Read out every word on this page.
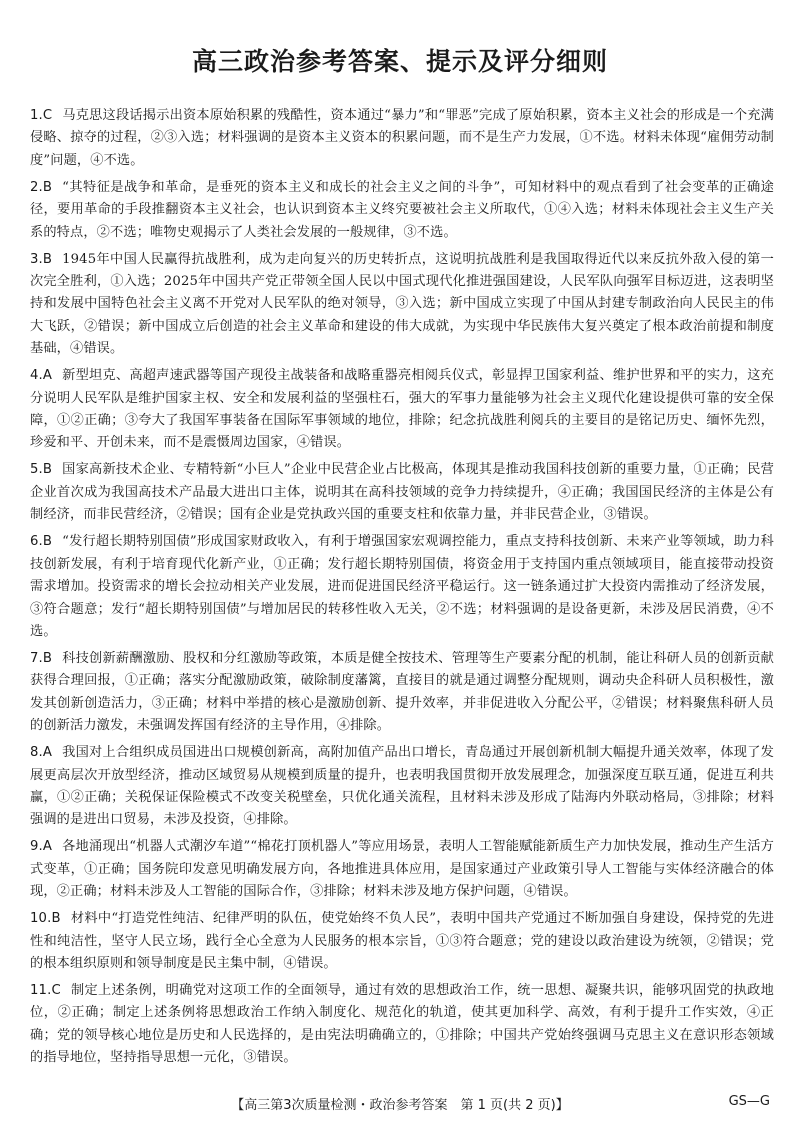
高三政治参考答案、提示及评分细则
1.C 马克思这段话揭示出资本原始积累的残酷性，资本通过“暴力”和“罪恶”完成了原始积累，资本主义社会的形成是一个充满侵略、掠夺的过程，②③入选；材料强调的是资本主义资本的积累问题，而不是生产力发展，①不选。材料未体现“雇佣劳动制度”问题，④不选。
2.B “其特征是战争和革命，是垂死的资本主义和成长的社会主义之间的斗争”，可知材料中的观点看到了社会变革的正确途径，要用革命的手段推翻资本主义社会，也认识到资本主义终究要被社会主义所取代，①④入选；材料未体现社会主义生产关系的特点，②不选；唯物史观揭示了人类社会发展的一般规律，③不选。
3.B 1945年中国人民赢得抗战胜利，成为走向复兴的历史转折点，这说明抗战胜利是我国取得近代以来反抗外敌入侵的第一次完全胜利，①入选；2025年中国共产党正带领全国人民以中国式现代化推进强国建设，人民军队向强军目标迈进，这表明坚持和发展中国特色社会主义离不开党对人民军队的绝对领导，③入选；新中国成立实现了中国从封建专制政治向人民民主的伟大飞跃，②错误；新中国成立后创造的社会主义革命和建设的伟大成就，为实现中华民族伟大复兴奠定了根本政治前提和制度基础，④错误。
4.A 新型坦克、高超声速武器等国产现役主战装备和战略重器亮相阅兵仪式，彰显捍卫国家利益、维护世界和平的实力，这充分说明人民军队是维护国家主权、安全和发展利益的坚强柱石，强大的军事力量能够为社会主义现代化建设提供可靠的安全保障，①②正确；③夸大了我国军事装备在国际军事领域的地位，排除；纪念抗战胜利阅兵的主要目的是铭记历史、缅怀先烈，珍爱和平、开创未来，而不是震慑周边国家，④错误。
5.B 国家高新技术企业、专精特新“小巨人”企业中民营企业占比极高，体现其是推动我国科技创新的重要力量，①正确；民营企业首次成为我国高技术产品最大进出口主体，说明其在高科技领域的竞争力持续提升，④正确；我国国民经济的主体是公有制经济，而非民营经济，②错误；国有企业是党执政兴国的重要支柱和依靠力量，并非民营企业，③错误。
6.B “发行超长期特别国债”形成国家财政收入，有利于增强国家宏观调控能力，重点支持科技创新、未来产业等领域，助力科技创新发展，有利于培育现代化新产业，①正确；发行超长期特别国债，将资金用于支持国内重点领域项目，能直接带动投资需求增加。投资需求的增长会拉动相关产业发展，进而促进国民经济平稳运行。这一链条通过扩大投资内需推动了经济发展，③符合题意；发行“超长期特别国债”与增加居民的转移性收入无关，②不选；材料强调的是设备更新，未涉及居民消费，④不选。
7.B 科技创新薪酬激励、股权和分红激励等政策，本质是健全按技术、管理等生产要素分配的机制，能让科研人员的创新贡献获得合理回报，①正确；落实分配激励政策，破除制度藩篱，直接目的就是通过调整分配规则，调动央企科研人员积极性，激发其创新创造活力，③正确；材料中举措的核心是激励创新、提升效率，并非促进收入分配公平，②错误；材料聚焦科研人员的创新活力激发，未强调发挥国有经济的主导作用，④排除。
8.A 我国对上合组织成员国进出口规模创新高，高附加值产品出口增长，青岛通过开展创新机制大幅提升通关效率，体现了发展更高层次开放型经济，推动区域贸易从规模到质量的提升，也表明我国贯彻开放发展理念，加强深度互联互通，促进互利共赢，①②正确；关税保证保险模式不改变关税壁垒，只优化通关流程，且材料未涉及形成了陆海内外联动格局，③排除；材料强调的是进出口贸易，未涉及投资，④排除。
9.A 各地涌现出“机器人式潮汐车道”“棉花打顶机器人”等应用场景，表明人工智能赋能新质生产力加快发展，推动生产生活方式变革，①正确；国务院印发意见明确发展方向，各地推进具体应用，是国家通过产业政策引导人工智能与实体经济融合的体现，②正确；材料未涉及人工智能的国际合作，③排除；材料未涉及地方保护问题，④错误。
10.B 材料中“打造党性纯洁、纪律严明的队伍，使党始终不负人民”，表明中国共产党通过不断加强自身建设，保持党的先进性和纯洁性，坚守人民立场，践行全心全意为人民服务的根本宗旨，①③符合题意；党的建设以政治建设为统领，②错误；党的根本组织原则和领导制度是民主集中制，④错误。
11.C 制定上述条例，明确党对这项工作的全面领导，通过有效的思想政治工作，统一思想、凝聚共识，能够巩固党的执政地位，②正确；制定上述条例将思想政治工作纳入制度化、规范化的轨道，使其更加科学、高效，有利于提升工作实效，④正确；党的领导核心地位是历史和人民选择的，是由宪法明确确立的，①排除；中国共产党始终强调马克思主义在意识形态领域的指导地位，坚持指导思想一元化，③错误。
【高三第3次质量检测・政治参考答案　第 1 页(共 2 页)】	GS—G
